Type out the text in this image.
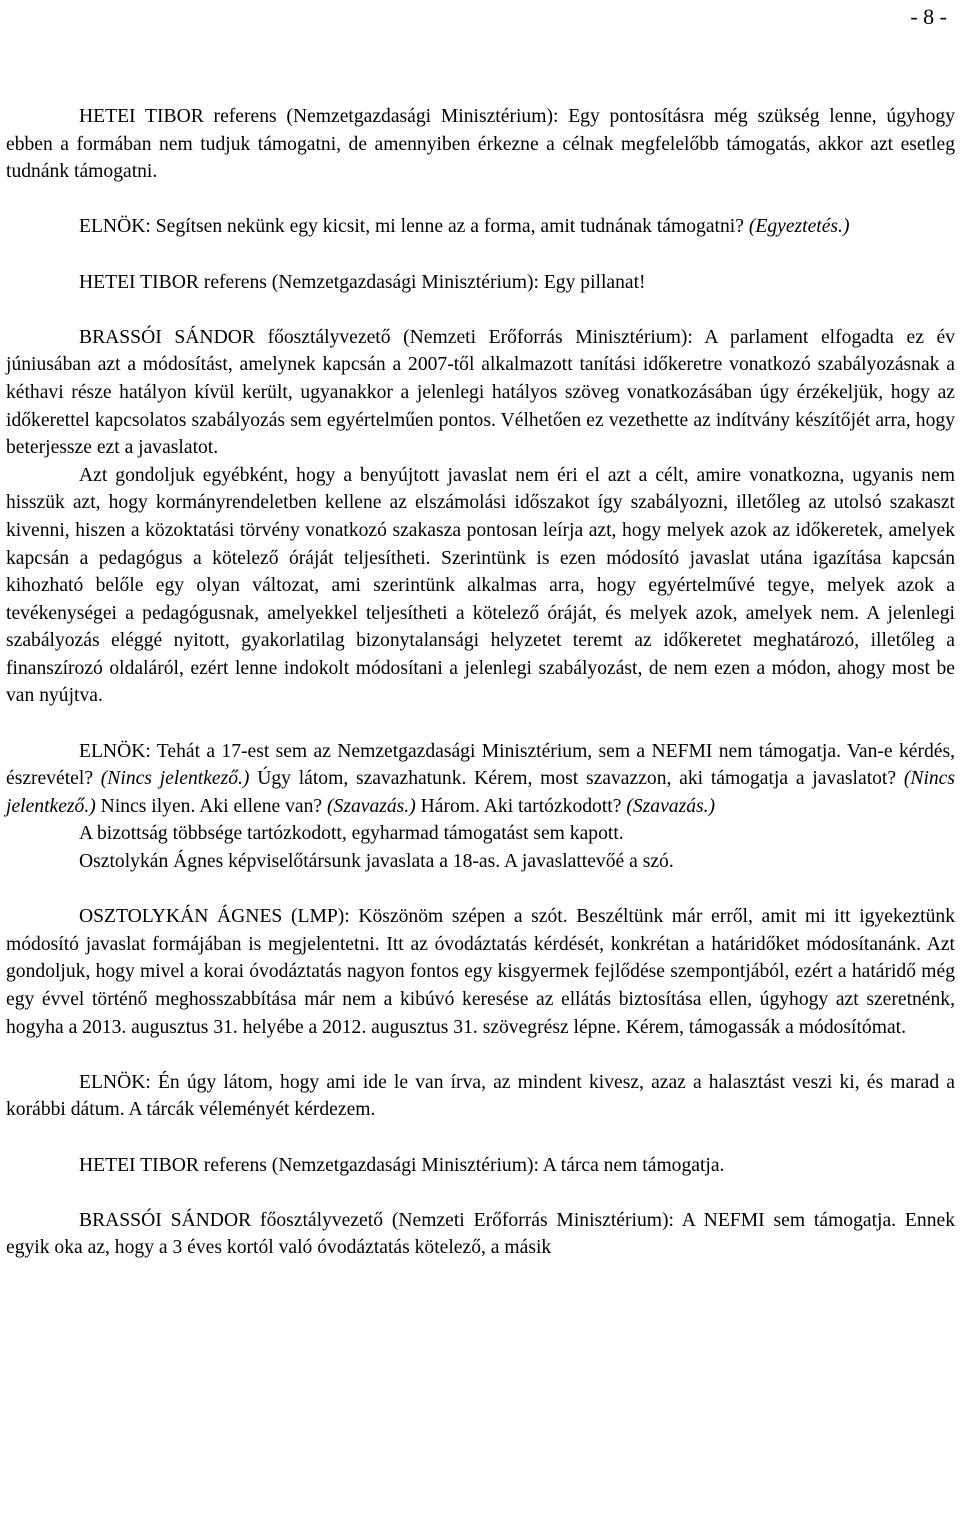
- 8 -

HETEI TIBOR referens (Nemzetgazdasági Minisztérium): Egy pontosításra még szükség lenne, úgyhogy ebben a formában nem tudjuk támogatni, de amennyiben érkezne a célnak megfelelőbb támogatás, akkor azt esetleg tudnánk támogatni.

ELNÖK: Segítsen nekünk egy kicsit, mi lenne az a forma, amit tudnának támogatni? (Egyeztetés.)

HETEI TIBOR referens (Nemzetgazdasági Minisztérium): Egy pillanat!

BRASSÓI SÁNDOR főosztályvezető (Nemzeti Erőforrás Minisztérium): A parlament elfogadta ez év júniusában azt a módosítást, amelynek kapcsán a 2007-től alkalmazott tanítási időkeretre vonatkozó szabályozásnak a kéthavi része hatályon kívül került, ugyanakkor a jelenlegi hatályos szöveg vonatkozásában úgy érzékeljük, hogy az időkerettel kapcsolatos szabályozás sem egyértelműen pontos. Vélhetően ez vezethette az indítvány készítőjét arra, hogy beterjessze ezt a javaslatot.

Azt gondoljuk egyébként, hogy a benyújtott javaslat nem éri el azt a célt, amire vonatkozna, ugyanis nem hisszük azt, hogy kormányrendeletben kellene az elszámolási időszakot így szabályozni, illetőleg az utolsó szakaszt kivenni, hiszen a közoktatási törvény vonatkozó szakasza pontosan leírja azt, hogy melyek azok az időkeretek, amelyek kapcsán a pedagógus a kötelező óráját teljesítheti. Szerintünk is ezen módosító javaslat utána igazítása kapcsán kihozható belőle egy olyan változat, ami szerintünk alkalmas arra, hogy egyértelművé tegye, melyek azok a tevékenységei a pedagógusnak, amelyekkel teljesítheti a kötelező óráját, és melyek azok, amelyek nem. A jelenlegi szabályozás eléggé nyitott, gyakorlatilag bizonytalansági helyzetet teremt az időkeretet meghatározó, illetőleg a finanszírozó oldaláról, ezért lenne indokolt módosítani a jelenlegi szabályozást, de nem ezen a módon, ahogy most be van nyújtva.

ELNÖK: Tehát a 17-est sem az Nemzetgazdasági Minisztérium, sem a NEFMI nem támogatja. Van-e kérdés, észrevétel? (Nincs jelentkező.) Úgy látom, szavazhatunk. Kérem, most szavazzon, aki támogatja a javaslatot? (Nincs jelentkező.) Nincs ilyen. Aki ellene van? (Szavazás.) Három. Aki tartózkodott? (Szavazás.)

A bizottság többsége tartózkodott, egyharmad támogatást sem kapott.

Osztolykán Ágnes képviselőtársunk javaslata a 18-as. A javaslattevőé a szó.

OSZTOLYKÁN ÁGNES (LMP): Köszönöm szépen a szót. Beszéltünk már erről, amit mi itt igyekeztünk módosító javaslat formájában is megjelentetni. Itt az óvodáztatás kérdését, konkrétan a határidőket módosítanánk. Azt gondoljuk, hogy mivel a korai óvodáztatás nagyon fontos egy kisgyermek fejlődése szempontjából, ezért a határidő még egy évvel történő meghosszabbítása már nem a kibúvó keresése az ellátás biztosítása ellen, úgyhogy azt szeretnénk, hogyha a 2013. augusztus 31. helyébe a 2012. augusztus 31. szövegrész lépne. Kérem, támogassák a módosítómat.

ELNÖK: Én úgy látom, hogy ami ide le van írva, az mindent kivesz, azaz a halasztást veszi ki, és marad a korábbi dátum. A tárcák véleményét kérdezem.

HETEI TIBOR referens (Nemzetgazdasági Minisztérium): A tárca nem támogatja.

BRASSÓI SÁNDOR főosztályvezető (Nemzeti Erőforrás Minisztérium): A NEFMI sem támogatja. Ennek egyik oka az, hogy a 3 éves kortól való óvodáztatás kötelező, a másik
